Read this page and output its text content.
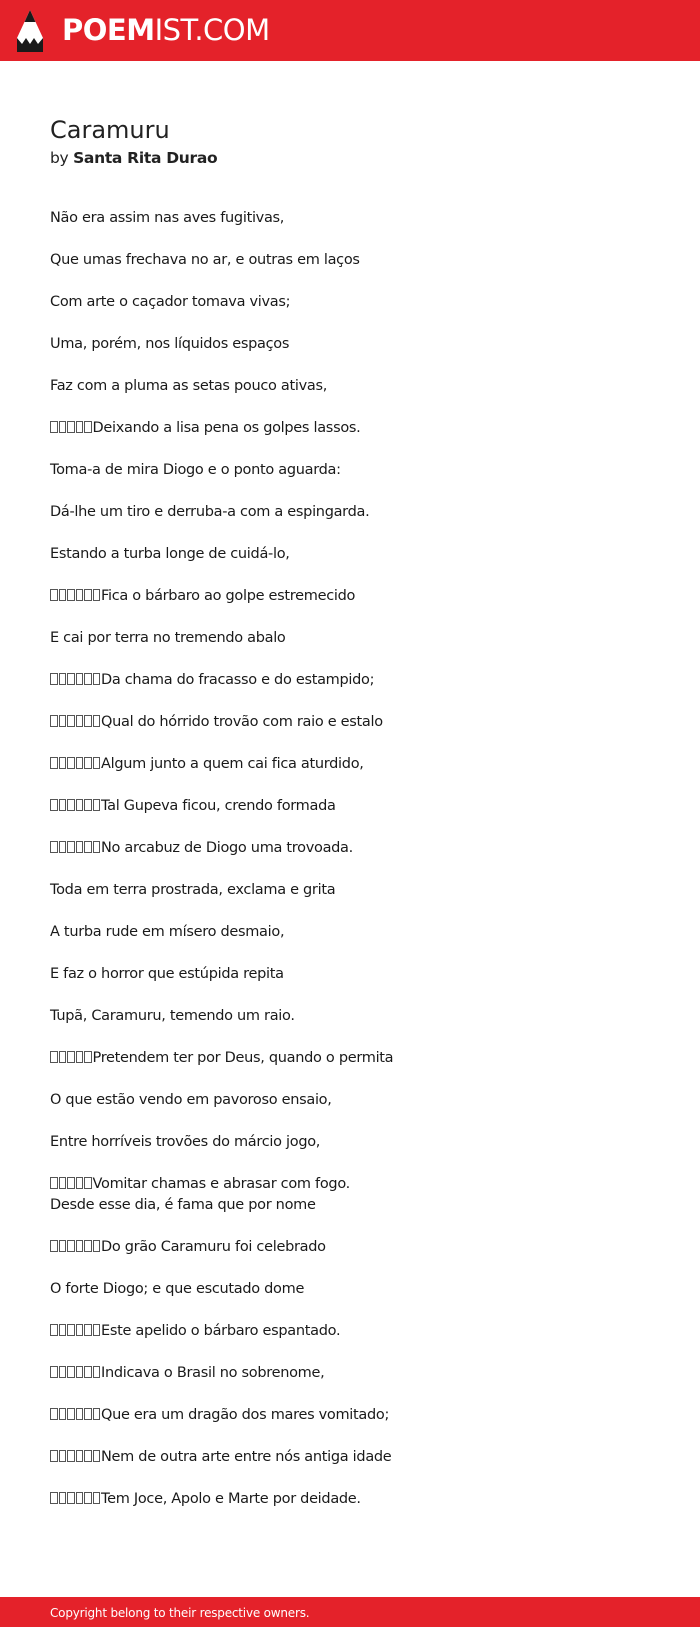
POEMIST.COM
Caramuru
by Santa Rita Durao
Não era assim nas aves fugitivas,
Que umas frechava no ar, e outras em laços
Com arte o caçador tomava vivas;
Uma, porém, nos líquidos espaços
Faz com a pluma as setas pouco ativas,
Deixando a lisa pena os golpes lassos.
Toma-a de mira Diogo e o ponto aguarda:
Dá-lhe um tiro e derruba-a com a espingarda.
Estando a turba longe de cuidá-lo,
Fica o bárbaro ao golpe estremecido
E cai por terra no tremendo abalo
Da chama do fracasso e do estampido;
Qual do hórrido trovão com raio e estalo
Algum junto a quem cai fica aturdido,
Tal Gupeva ficou, crendo formada
No arcabuz de Diogo uma trovoada.
Toda em terra prostrada, exclama e grita
A turba rude em mísero desmaio,
E faz o horror que estúpida repita
Tupã, Caramuru, temendo um raio.
Pretendem ter por Deus, quando o permita
O que estão vendo em pavoroso ensaio,
Entre horríveis trovões do márcio jogo,
Vomitar chamas e abrasar com fogo.
Desde esse dia, é fama que por nome
Do grão Caramuru foi celebrado
O forte Diogo; e que escutado dome
Este apelido o bárbaro espantado.
Indicava o Brasil no sobrenome,
Que era um dragão dos mares vomitado;
Nem de outra arte entre nós antiga idade
Tem Joce, Apolo e Marte por deidade.
Copyright belong to their respective owners.
